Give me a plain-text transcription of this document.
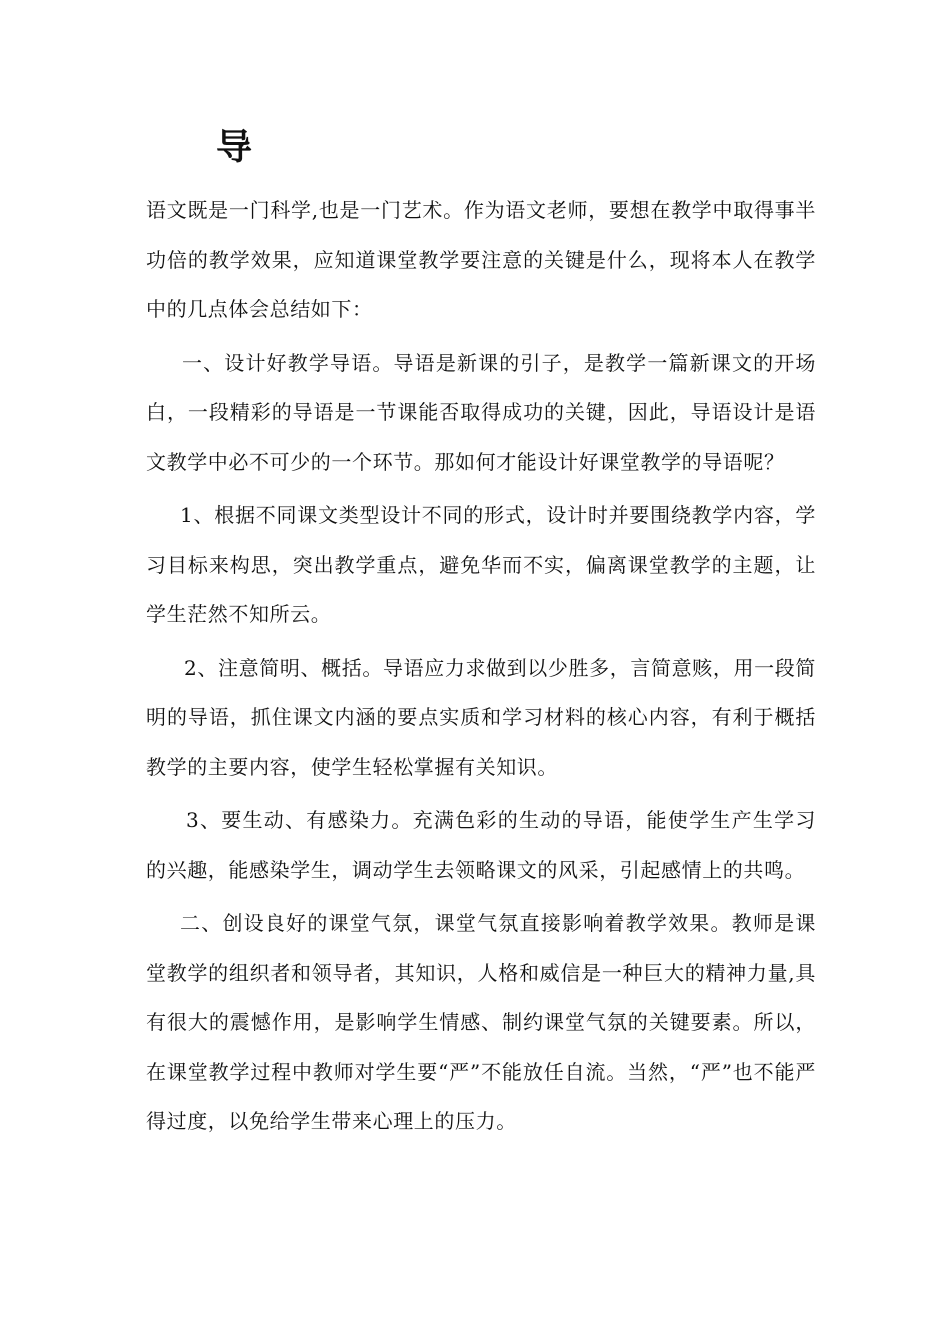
导

语文既是一门科学,也是一门艺术。作为语文老师，要想在教学中取得事半功倍的教学效果，应知道课堂教学要注意的关键是什么，现将本人在教学中的几点体会总结如下：

一、设计好教学导语。导语是新课的引子，是教学一篇新课文的开场白，一段精彩的导语是一节课能否取得成功的关键，因此，导语设计是语文教学中必不可少的一个环节。那如何才能设计好课堂教学的导语呢？

1、根据不同课文类型设计不同的形式，设计时并要围绕教学内容，学习目标来构思，突出教学重点，避免华而不实，偏离课堂教学的主题，让学生茫然不知所云。

2、注意简明、概括。导语应力求做到以少胜多，言简意赅，用一段简明的导语，抓住课文内涵的要点实质和学习材料的核心内容，有利于概括教学的主要内容，使学生轻松掌握有关知识。

3、要生动、有感染力。充满色彩的生动的导语，能使学生产生学习的兴趣，能感染学生，调动学生去领略课文的风采，引起感情上的共鸣。

二、创设良好的课堂气氛，课堂气氛直接影响着教学效果。教师是课堂教学的组织者和领导者，其知识，人格和威信是一种巨大的精神力量,具有很大的震憾作用，是影响学生情感、制约课堂气氛的关键要素。所以，在课堂教学过程中教师对学生要“严”不能放任自流。当然，“严”也不能严得过度，以免给学生带来心理上的压力。
